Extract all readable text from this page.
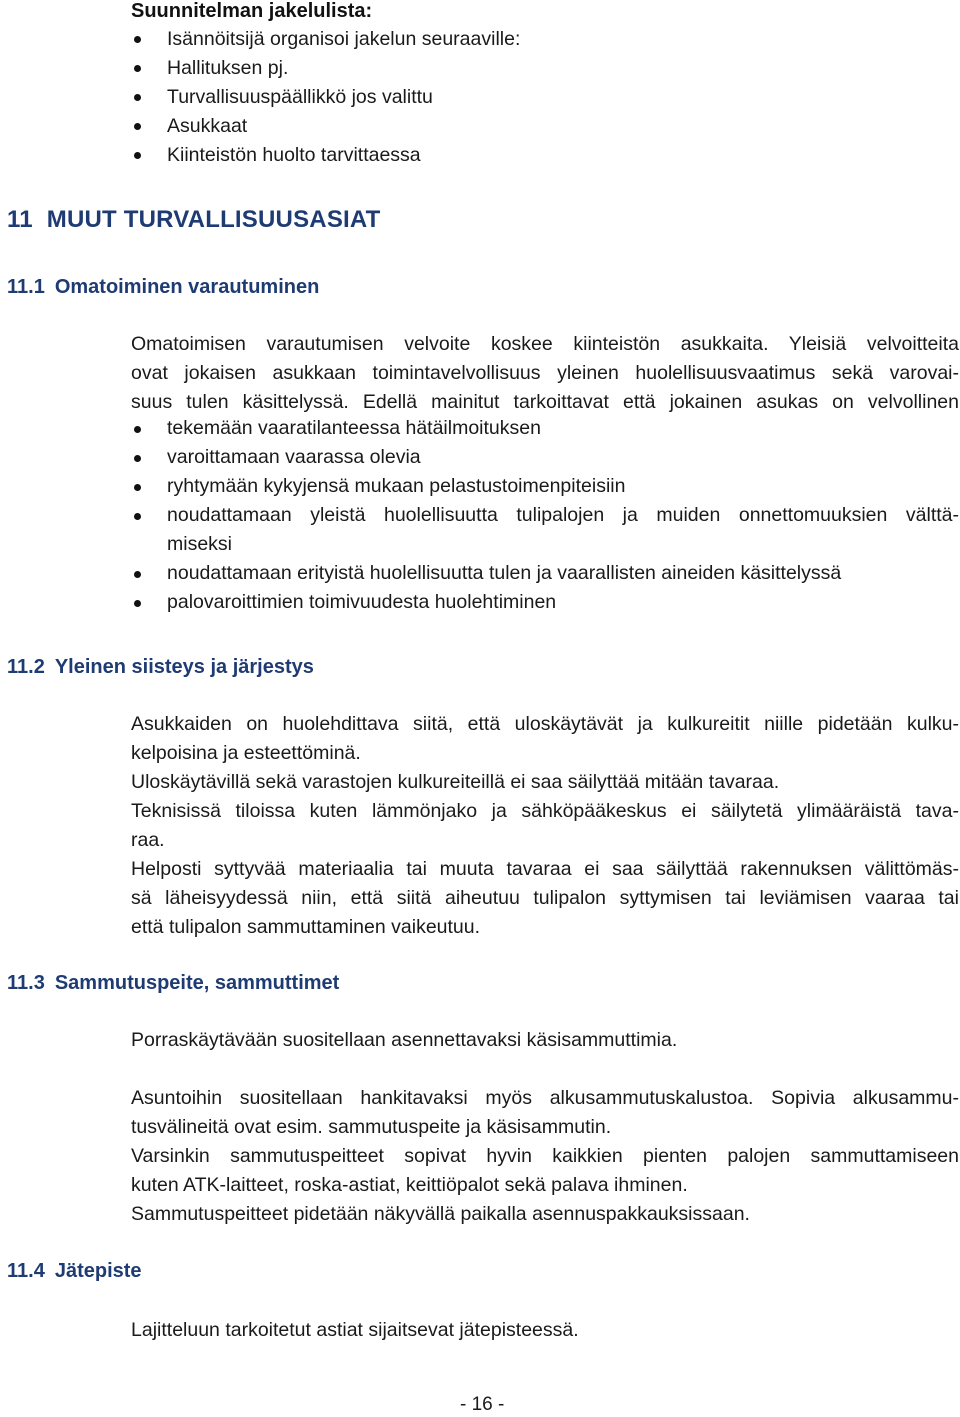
Suunnitelman jakelulista:
Isännöitsijä organisoi jakelun seuraaville:
Hallituksen pj.
Turvallisuuspäällikkö jos valittu
Asukkaat
Kiinteistön huolto tarvittaessa
11 MUUT TURVALLISUUSASIAT
11.1 Omatoiminen varautuminen
Omatoimisen varautumisen velvoite koskee kiinteistön asukkaita. Yleisiä velvoitteita
ovat jokaisen asukkaan toimintavelvollisuus yleinen huolellisuusvaatimus sekä varovai-
suus tulen käsittelyssä. Edellä mainitut tarkoittavat että jokainen asukas on velvollinen
tekemään vaaratilanteessa hätäilmoituksen
varoittamaan vaarassa olevia
ryhtymään kykyjensä mukaan pelastustoimenpiteisiin
noudattamaan yleistä huolellisuutta tulipalojen ja muiden onnettomuuksien välttä-
miseksi
noudattamaan erityistä huolellisuutta tulen ja vaarallisten aineiden käsittelyssä
palovaroittimien toimivuudesta huolehtiminen
11.2 Yleinen siisteys ja järjestys
Asukkaiden on huolehdittava siitä, että uloskäytävät ja kulkureitit niille pidetään kulku-
kelpoisina ja esteettöminä.
Uloskäytävillä sekä varastojen kulkureiteillä ei saa säilyttää mitään tavaraa.
Teknisissä tiloissa kuten lämmönjako ja sähköpääkeskus ei säilytetä ylimääräistä tava-
raa.
Helposti syttyvää materiaalia tai muuta tavaraa ei saa säilyttää rakennuksen välittömäs-
sä läheisyydessä niin, että siitä aiheutuu tulipalon syttymisen tai leviämisen vaaraa tai
että tulipalon sammuttaminen vaikeutuu.
11.3 Sammutuspeite, sammuttimet
Porraskäytävään suositellaan asennettavaksi käsisammuttimia.
Asuntoihin suositellaan hankitavaksi myös alkusammutuskalustoa. Sopivia alkusammu-
tusvälineitä ovat esim. sammutuspeite ja käsisammutin.
Varsinkin sammutuspeitteet sopivat hyvin kaikkien pienten palojen sammuttamiseen
kuten ATK-laitteet, roska-astiat, keittiöpalot sekä palava ihminen.
Sammutuspeitteet pidetään näkyvällä paikalla asennuspakkauksissaan.
11.4 Jätepiste
Lajitteluun tarkoitetut astiat sijaitsevat jätepisteessä.
- 16 -
